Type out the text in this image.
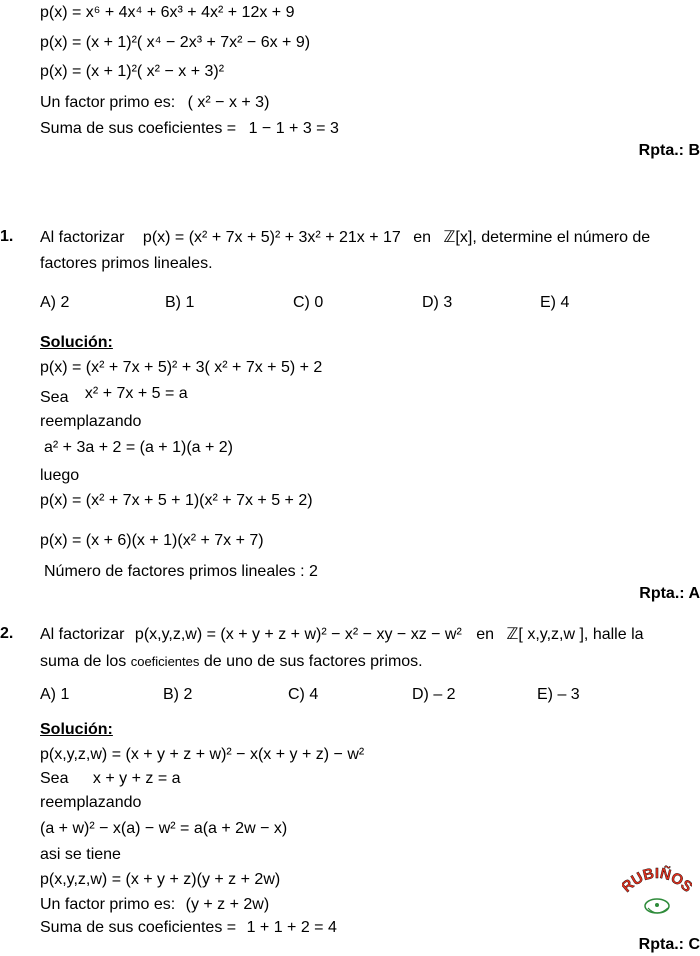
p(x) = x⁶ + 4x⁴ + 6x³ + 4x² + 12x + 9
p(x) = (x + 1)²( x⁴ − 2x³ + 7x² − 6x + 9)
p(x) = (x + 1)²( x² − x + 3)²
Un factor primo es: ( x² − x + 3)
Suma de sus coeficientes = 1 − 1 + 3 = 3
Rpta.: B
1. Al factorizar p(x) = (x² + 7x + 5)² + 3x² + 21x + 17 en ℤ[x], determine el número de
factores primos lineales.
A) 2	B) 1	C) 0	D) 3	E) 4
Solución:
p(x) = (x² + 7x + 5)² + 3( x² + 7x + 5) + 2
Sea x² + 7x + 5 = a
reemplazando
a² + 3a + 2 = (a + 1)(a + 2)
luego
p(x) = (x² + 7x + 5 + 1)(x² + 7x + 5 + 2)
p(x) = (x + 6)(x + 1)(x² + 7x + 7)
Número de factores primos lineales : 2
Rpta.: A
2. Al factorizar p(x,y,z,w) = (x + y + z + w)² − x² − xy − xz − w² en ℤ[ x,y,z,w ], halle la
suma de los coeficientes de uno de sus factores primos.
A) 1	B) 2	C) 4	D) – 2	E) – 3
Solución:
p(x,y,z,w) = (x + y + z + w)² − x(x + y + z) − w²
Sea x + y + z = a
reemplazando
(a + w)² − x(a) − w² = a(a + 2w − x)
asi se tiene
p(x,y,z,w) = (x + y + z)(y + z + 2w)
Un factor primo es: (y + z + 2w)
Suma de sus coeficientes = 1 + 1 + 2 = 4
Rpta.: C
UBIÑO
